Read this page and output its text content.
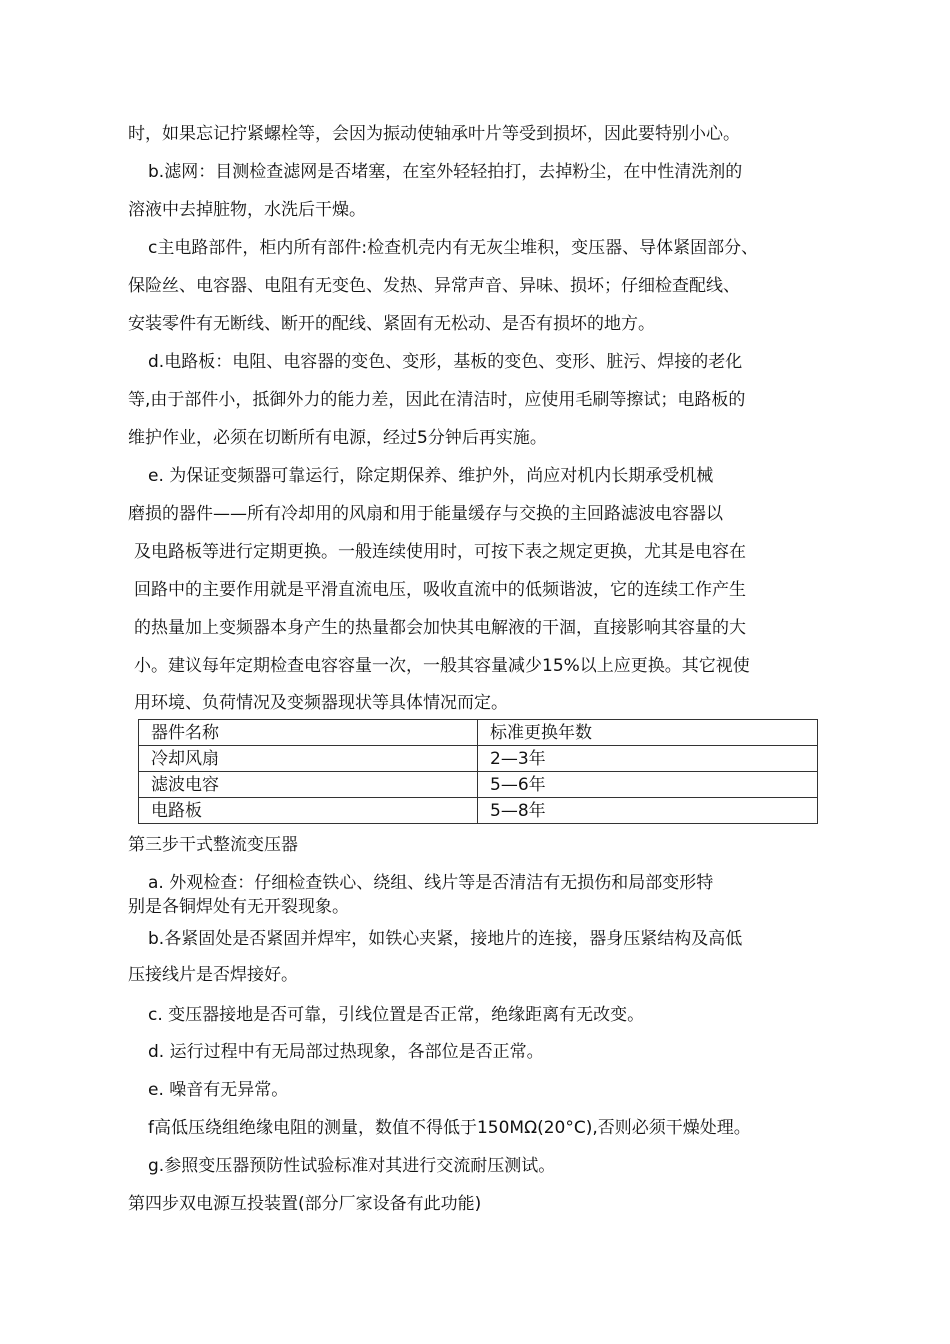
时，如果忘记拧紧螺栓等，会因为振动使轴承叶片等受到损坏，因此要特别小心。
b.滤网：目测检查滤网是否堵塞，在室外轻轻拍打，去掉粉尘，在中性清洗剂的
溶液中去掉脏物，水洗后干燥。
c主电路部件，柜内所有部件:检查机壳内有无灰尘堆积，变压器、导体紧固部分、
保险丝、电容器、电阻有无变色、发热、异常声音、异味、损坏；仔细检查配线、
安装零件有无断线、断开的配线、紧固有无松动、是否有损坏的地方。
d.电路板：电阻、电容器的变色、变形，基板的变色、变形、脏污、焊接的老化
等,由于部件小，抵御外力的能力差，因此在清洁时，应使用毛刷等擦试；电路板的
维护作业，必须在切断所有电源，经过5分钟后再实施。
e. 为保证变频器可靠运行，除定期保养、维护外，尚应对机内长期承受机械
磨损的器件——所有冷却用的风扇和用于能量缓存与交换的主回路滤波电容器以
及电路板等进行定期更换。一般连续使用时，可按下表之规定更换，尤其是电容在
回路中的主要作用就是平滑直流电压，吸收直流中的低频谐波，它的连续工作产生
的热量加上变频器本身产生的热量都会加快其电解液的干涸，直接影响其容量的大
小。建议每年定期检查电容容量一次，一般其容量减少15%以上应更换。其它视使
用环境、负荷情况及变频器现状等具体情况而定。
器件名称	标准更换年数
冷却风扇	2—3年
滤波电容	5—6年
电路板	5—8年
第三步干式整流变压器
a. 外观检查：仔细检查铁心、绕组、线片等是否清洁有无损伤和局部变形特
别是各铜焊处有无开裂现象。
b.各紧固处是否紧固并焊牢，如铁心夹紧，接地片的连接，器身压紧结构及高低
压接线片是否焊接好。
c. 变压器接地是否可靠，引线位置是否正常，绝缘距离有无改变。
d. 运行过程中有无局部过热现象，各部位是否正常。
e. 噪音有无异常。
f高低压绕组绝缘电阻的测量，数值不得低于150MΩ(20°C),否则必须干燥处理。
g.参照变压器预防性试验标准对其进行交流耐压测试。
第四步双电源互投装置(部分厂家设备有此功能)
